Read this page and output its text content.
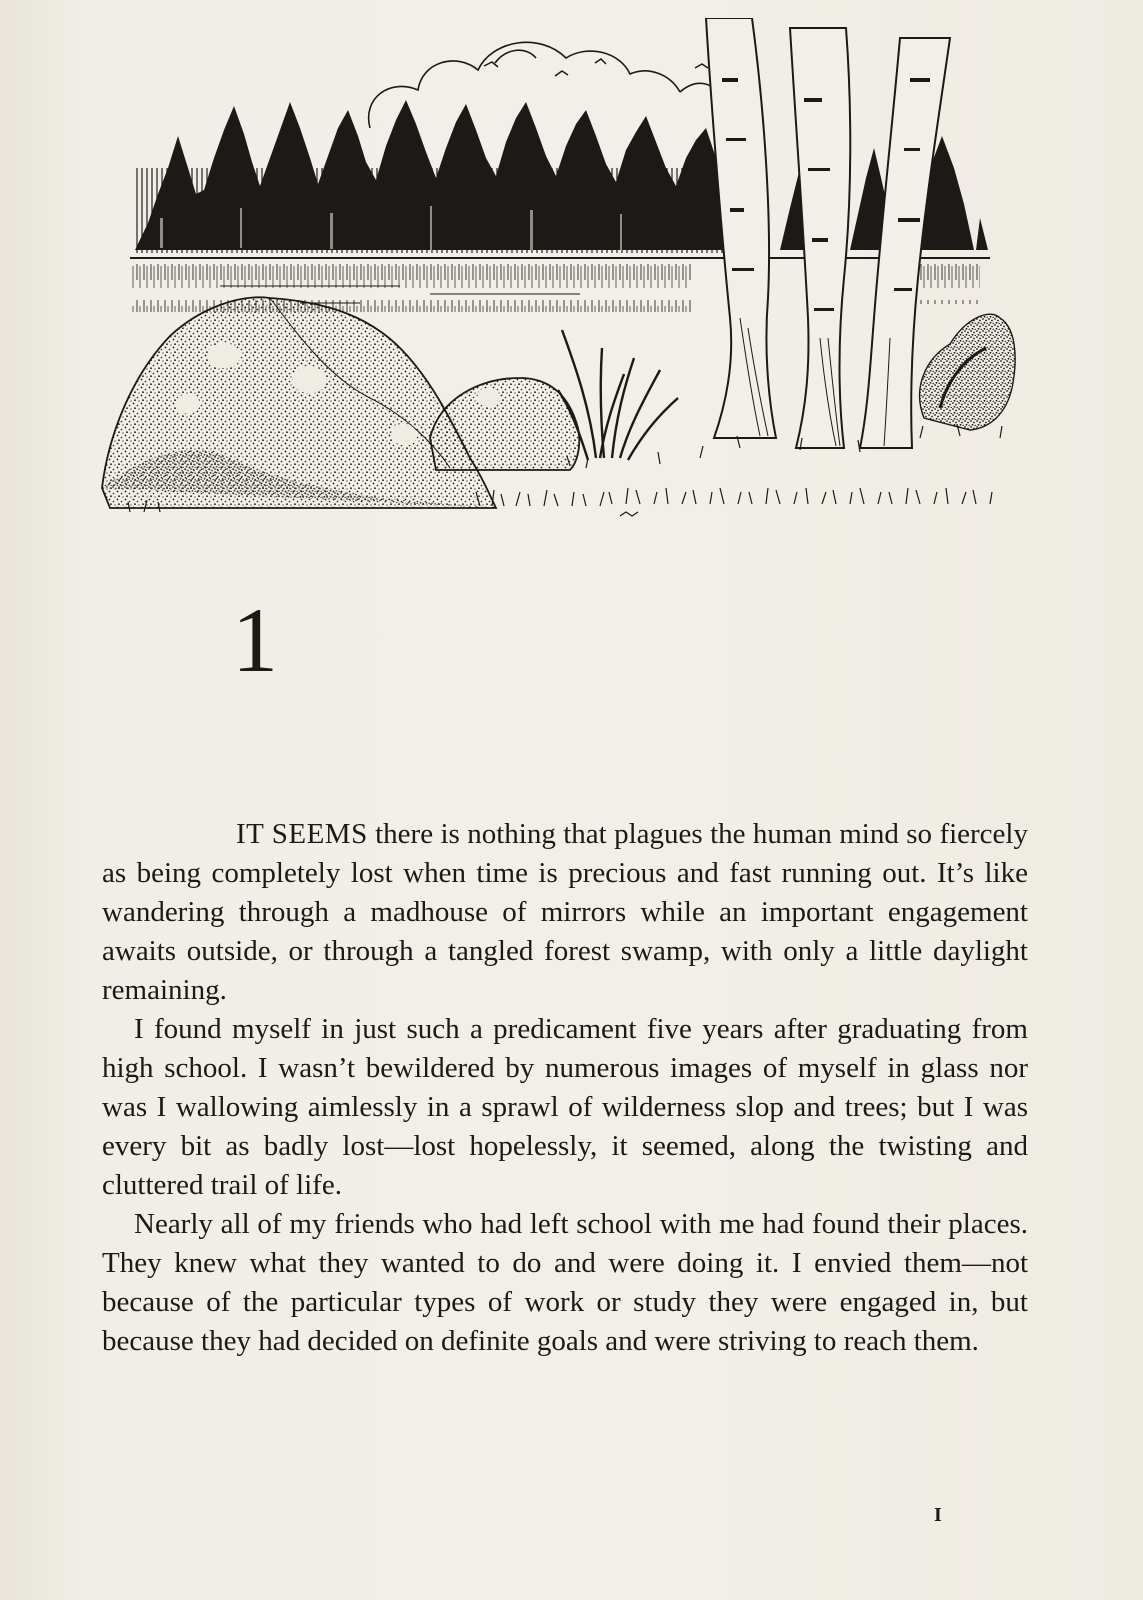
1

IT SEEMS there is nothing that plagues the human mind so fiercely as being completely lost when time is precious and fast running out. It’s like wandering through a madhouse of mirrors while an important engagement awaits outside, or through a tangled forest swamp, with only a little daylight remaining.

I found myself in just such a predicament five years after graduating from high school. I wasn’t bewildered by numerous images of myself in glass nor was I wallowing aimlessly in a sprawl of wilderness slop and trees; but I was every bit as badly lost—lost hopelessly, it seemed, along the twisting and cluttered trail of life.

Nearly all of my friends who had left school with me had found their places. They knew what they wanted to do and were doing it. I envied them—not because of the particular types of work or study they were engaged in, but because they had decided on definite goals and were striving to reach them.

I
